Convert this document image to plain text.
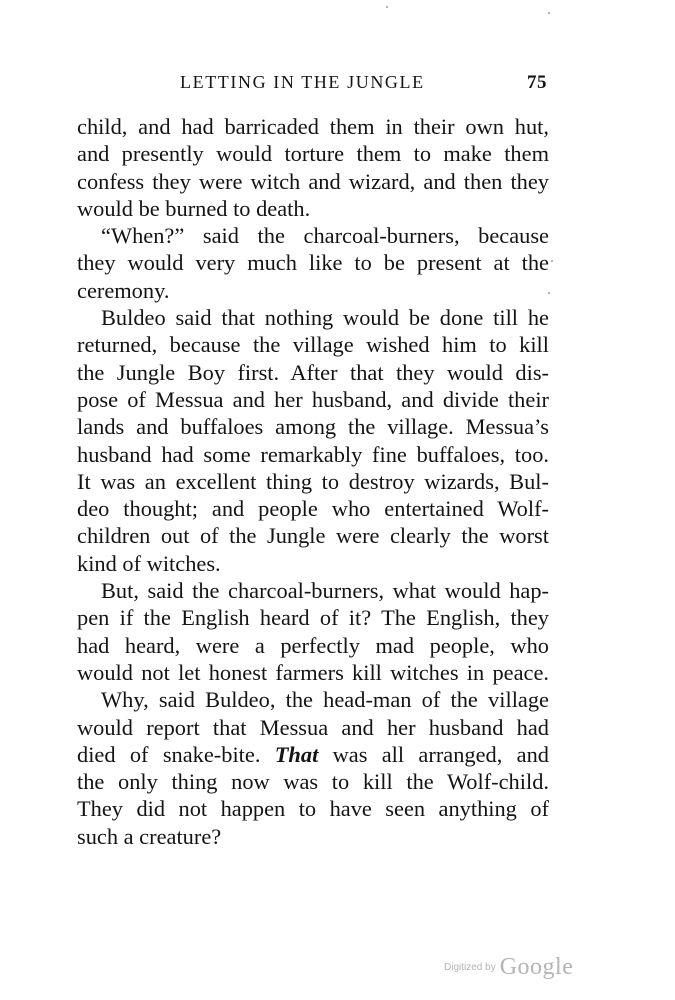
LETTING IN THE JUNGLE	75
child, and had barricaded them in their own hut,
and presently would torture them to make them
confess they were witch and wizard, and then they
would be burned to death.
“When?” said the charcoal-burners, because
they would very much like to be present at the
ceremony.
Buldeo said that nothing would be done till he
returned, because the village wished him to kill
the Jungle Boy first. After that they would dis-
pose of Messua and her husband, and divide their
lands and buffaloes among the village. Messua’s
husband had some remarkably fine buffaloes, too.
It was an excellent thing to destroy wizards, Bul-
deo thought; and people who entertained Wolf-
children out of the Jungle were clearly the worst
kind of witches.
But, said the charcoal-burners, what would hap-
pen if the English heard of it? The English, they
had heard, were a perfectly mad people, who
would not let honest farmers kill witches in peace.
Why, said Buldeo, the head-man of the village
would report that Messua and her husband had
died of snake-bite. That was all arranged, and
the only thing now was to kill the Wolf-child.
They did not happen to have seen anything of
such a creature?
Digitized by Google
